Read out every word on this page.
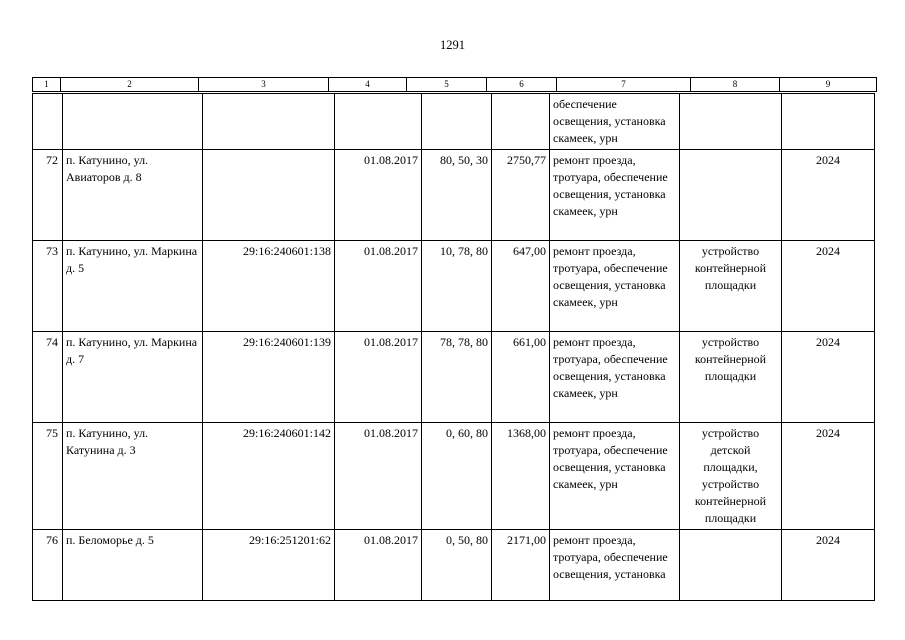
1291
1	2	3	4	5	6	7	8	9
						обеспечение освещения, установка скамеек, урн		
72	п. Катунино, ул. Авиаторов д. 8		01.08.2017	80, 50, 30	2750,77	ремонт проезда, тротуара, обеспечение освещения, установка скамеек, урн		2024
73	п. Катунино, ул. Маркина д. 5	29:16:240601:138	01.08.2017	10, 78, 80	647,00	ремонт проезда, тротуара, обеспечение освещения, установка скамеек, урн	устройство контейнерной площадки	2024
74	п. Катунино, ул. Маркина д. 7	29:16:240601:139	01.08.2017	78, 78, 80	661,00	ремонт проезда, тротуара, обеспечение освещения, установка скамеек, урн	устройство контейнерной площадки	2024
75	п. Катунино, ул. Катунина д. 3	29:16:240601:142	01.08.2017	0, 60, 80	1368,00	ремонт проезда, тротуара, обеспечение освещения, установка скамеек, урн	устройство детской площадки, устройство контейнерной площадки	2024
76	п. Беломорье д. 5	29:16:251201:62	01.08.2017	0, 50, 80	2171,00	ремонт проезда, тротуара, обеспечение освещения, установка		2024
